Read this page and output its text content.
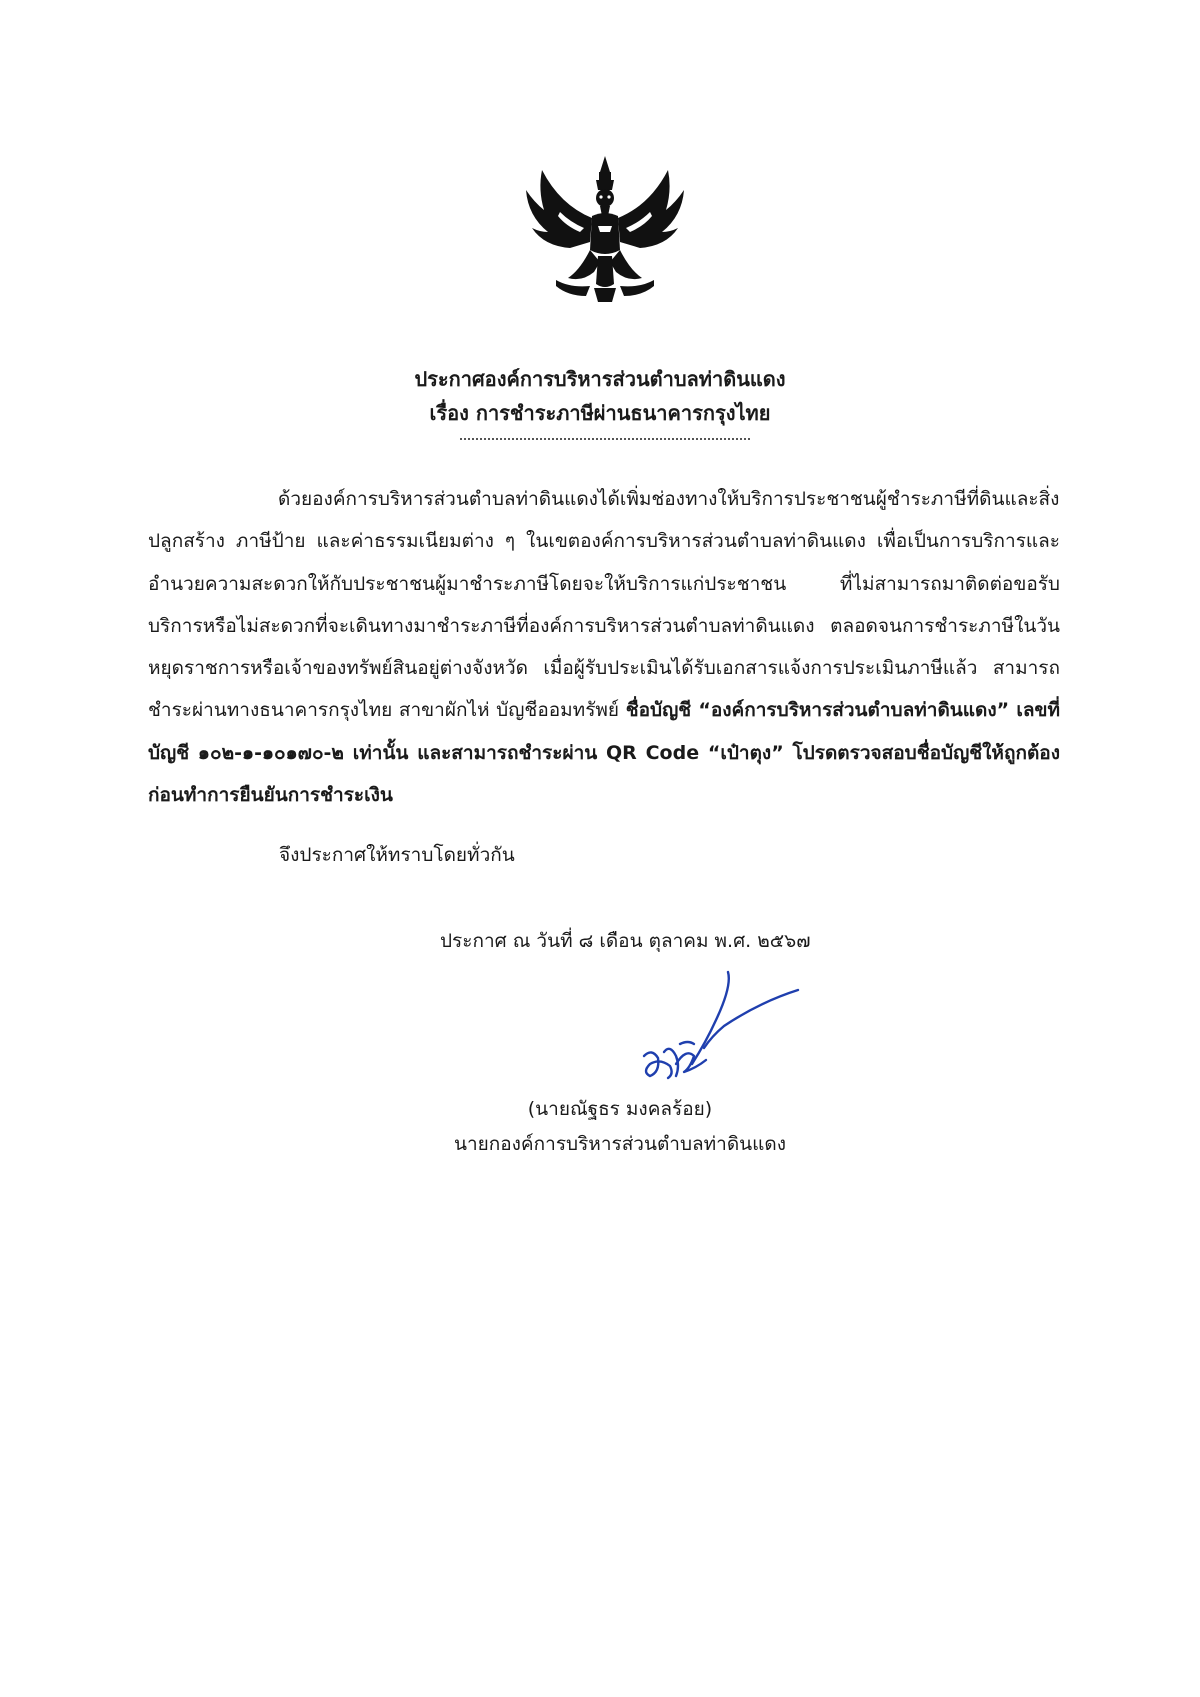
ประกาศองค์การบริหารส่วนตำบลท่าดินแดง
เรื่อง การชำระภาษีผ่านธนาคารกรุงไทย
ด้วยองค์การบริหารส่วนตำบลท่าดินแดงได้เพิ่มช่องทางให้บริการประชาชนผู้ชำระภาษีที่ดินและสิ่งปลูกสร้าง ภาษีป้าย และค่าธรรมเนียมต่าง ๆ ในเขตองค์การบริหารส่วนตำบลท่าดินแดง เพื่อเป็นการบริการและอำนวยความสะดวกให้กับประชาชนผู้มาชำระภาษีโดยจะให้บริการแก่ประชาชน ที่ไม่สามารถมาติดต่อขอรับบริการหรือไม่สะดวกที่จะเดินทางมาชำระภาษีที่องค์การบริหารส่วนตำบลท่าดินแดง ตลอดจนการชำระภาษีในวันหยุดราชการหรือเจ้าของทรัพย์สินอยู่ต่างจังหวัด เมื่อผู้รับประเมินได้รับเอกสารแจ้งการประเมินภาษีแล้ว สามารถชำระผ่านทางธนาคารกรุงไทย สาขาผักไห่ บัญชีออมทรัพย์ ชื่อบัญชี “องค์การบริหารส่วนตำบลท่าดินแดง” เลขที่บัญชี ๑๐๒-๑-๑๐๑๗๐-๒ เท่านั้น และสามารถชำระผ่าน QR Code “เป๋าตุง” โปรดตรวจสอบชื่อบัญชีให้ถูกต้องก่อนทำการยืนยันการชำระเงิน
จึงประกาศให้ทราบโดยทั่วกัน
ประกาศ ณ วันที่ ๘ เดือน ตุลาคม พ.ศ. ๒๕๖๗
(นายณัฐธร มงคลร้อย)
นายกองค์การบริหารส่วนตำบลท่าดินแดง
